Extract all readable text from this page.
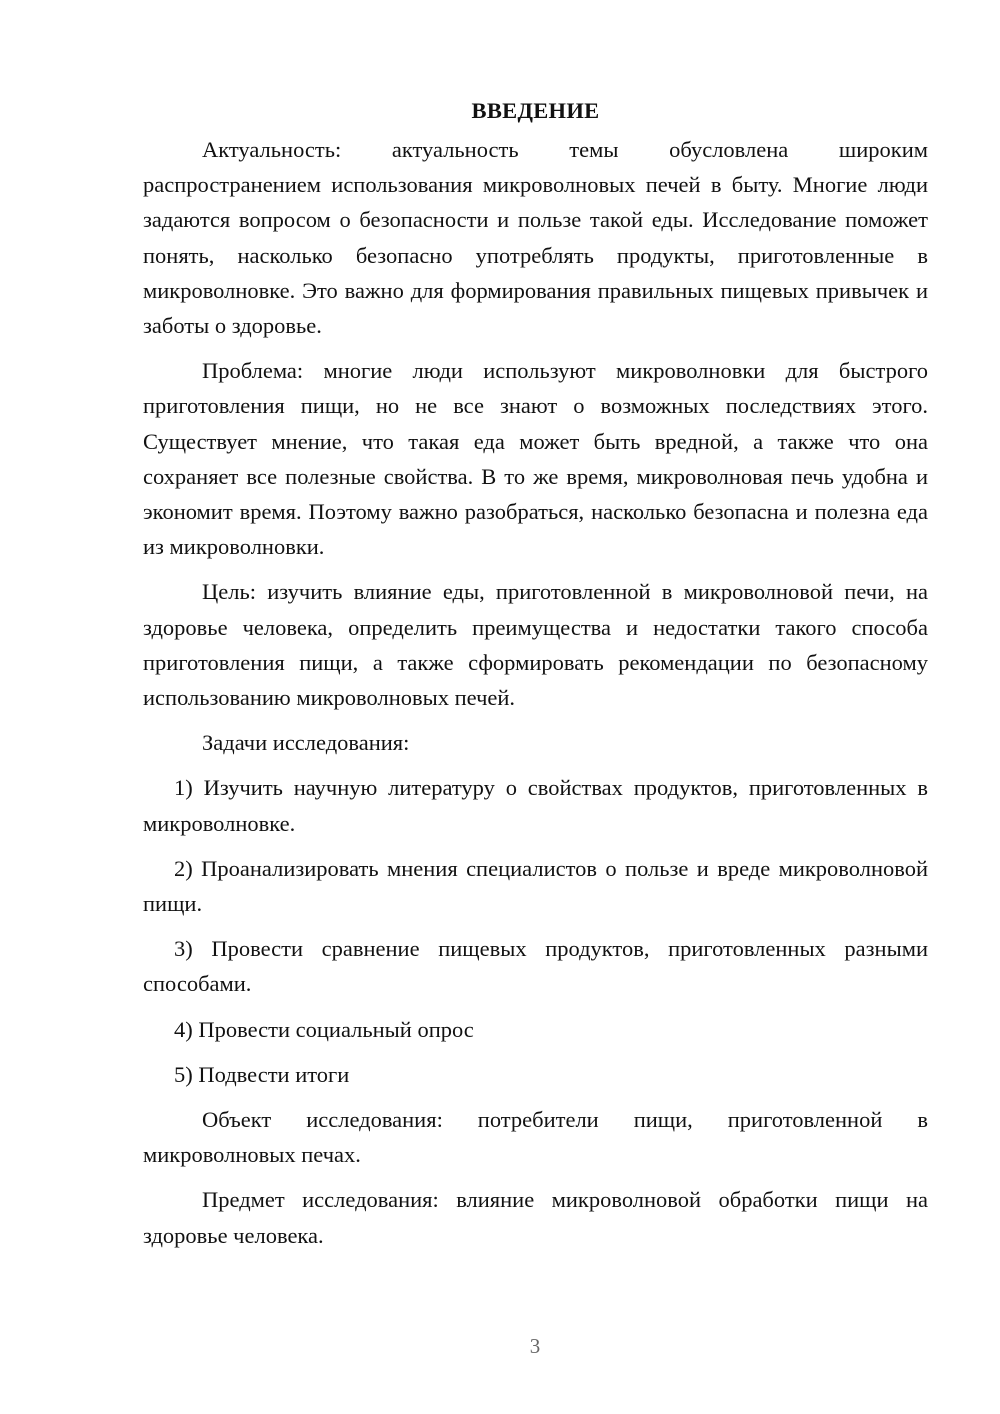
ВВЕДЕНИЕ

Актуальность: актуальность темы обусловлена широким распространением использования микроволновых печей в быту. Многие люди задаются вопросом о безопасности и пользе такой еды. Исследование поможет понять, насколько безопасно употреблять продукты, приготовленные в микроволновке. Это важно для формирования правильных пищевых привычек и заботы о здоровье.

Проблема: многие люди используют микроволновки для быстрого приготовления пищи, но не все знают о возможных последствиях этого. Существует мнение, что такая еда может быть вредной, а также что она сохраняет все полезные свойства. В то же время, микроволновая печь удобна и экономит время. Поэтому важно разобраться, насколько безопасна и полезна еда из микроволновки.

Цель: изучить влияние еды, приготовленной в микроволновой печи, на здоровье человека, определить преимущества и недостатки такого способа приготовления пищи, а также сформировать рекомендации по безопасному использованию микроволновых печей.

Задачи исследования:

1) Изучить научную литературу о свойствах продуктов, приготовленных в микроволновке.

2) Проанализировать мнения специалистов о пользе и вреде микроволновой пищи.

3) Провести сравнение пищевых продуктов, приготовленных разными способами.

4) Провести социальный опрос

5) Подвести итоги

Объект исследования: потребители пищи, приготовленной в микроволновых печах.

Предмет исследования: влияние микроволновой обработки пищи на здоровье человека.

3
